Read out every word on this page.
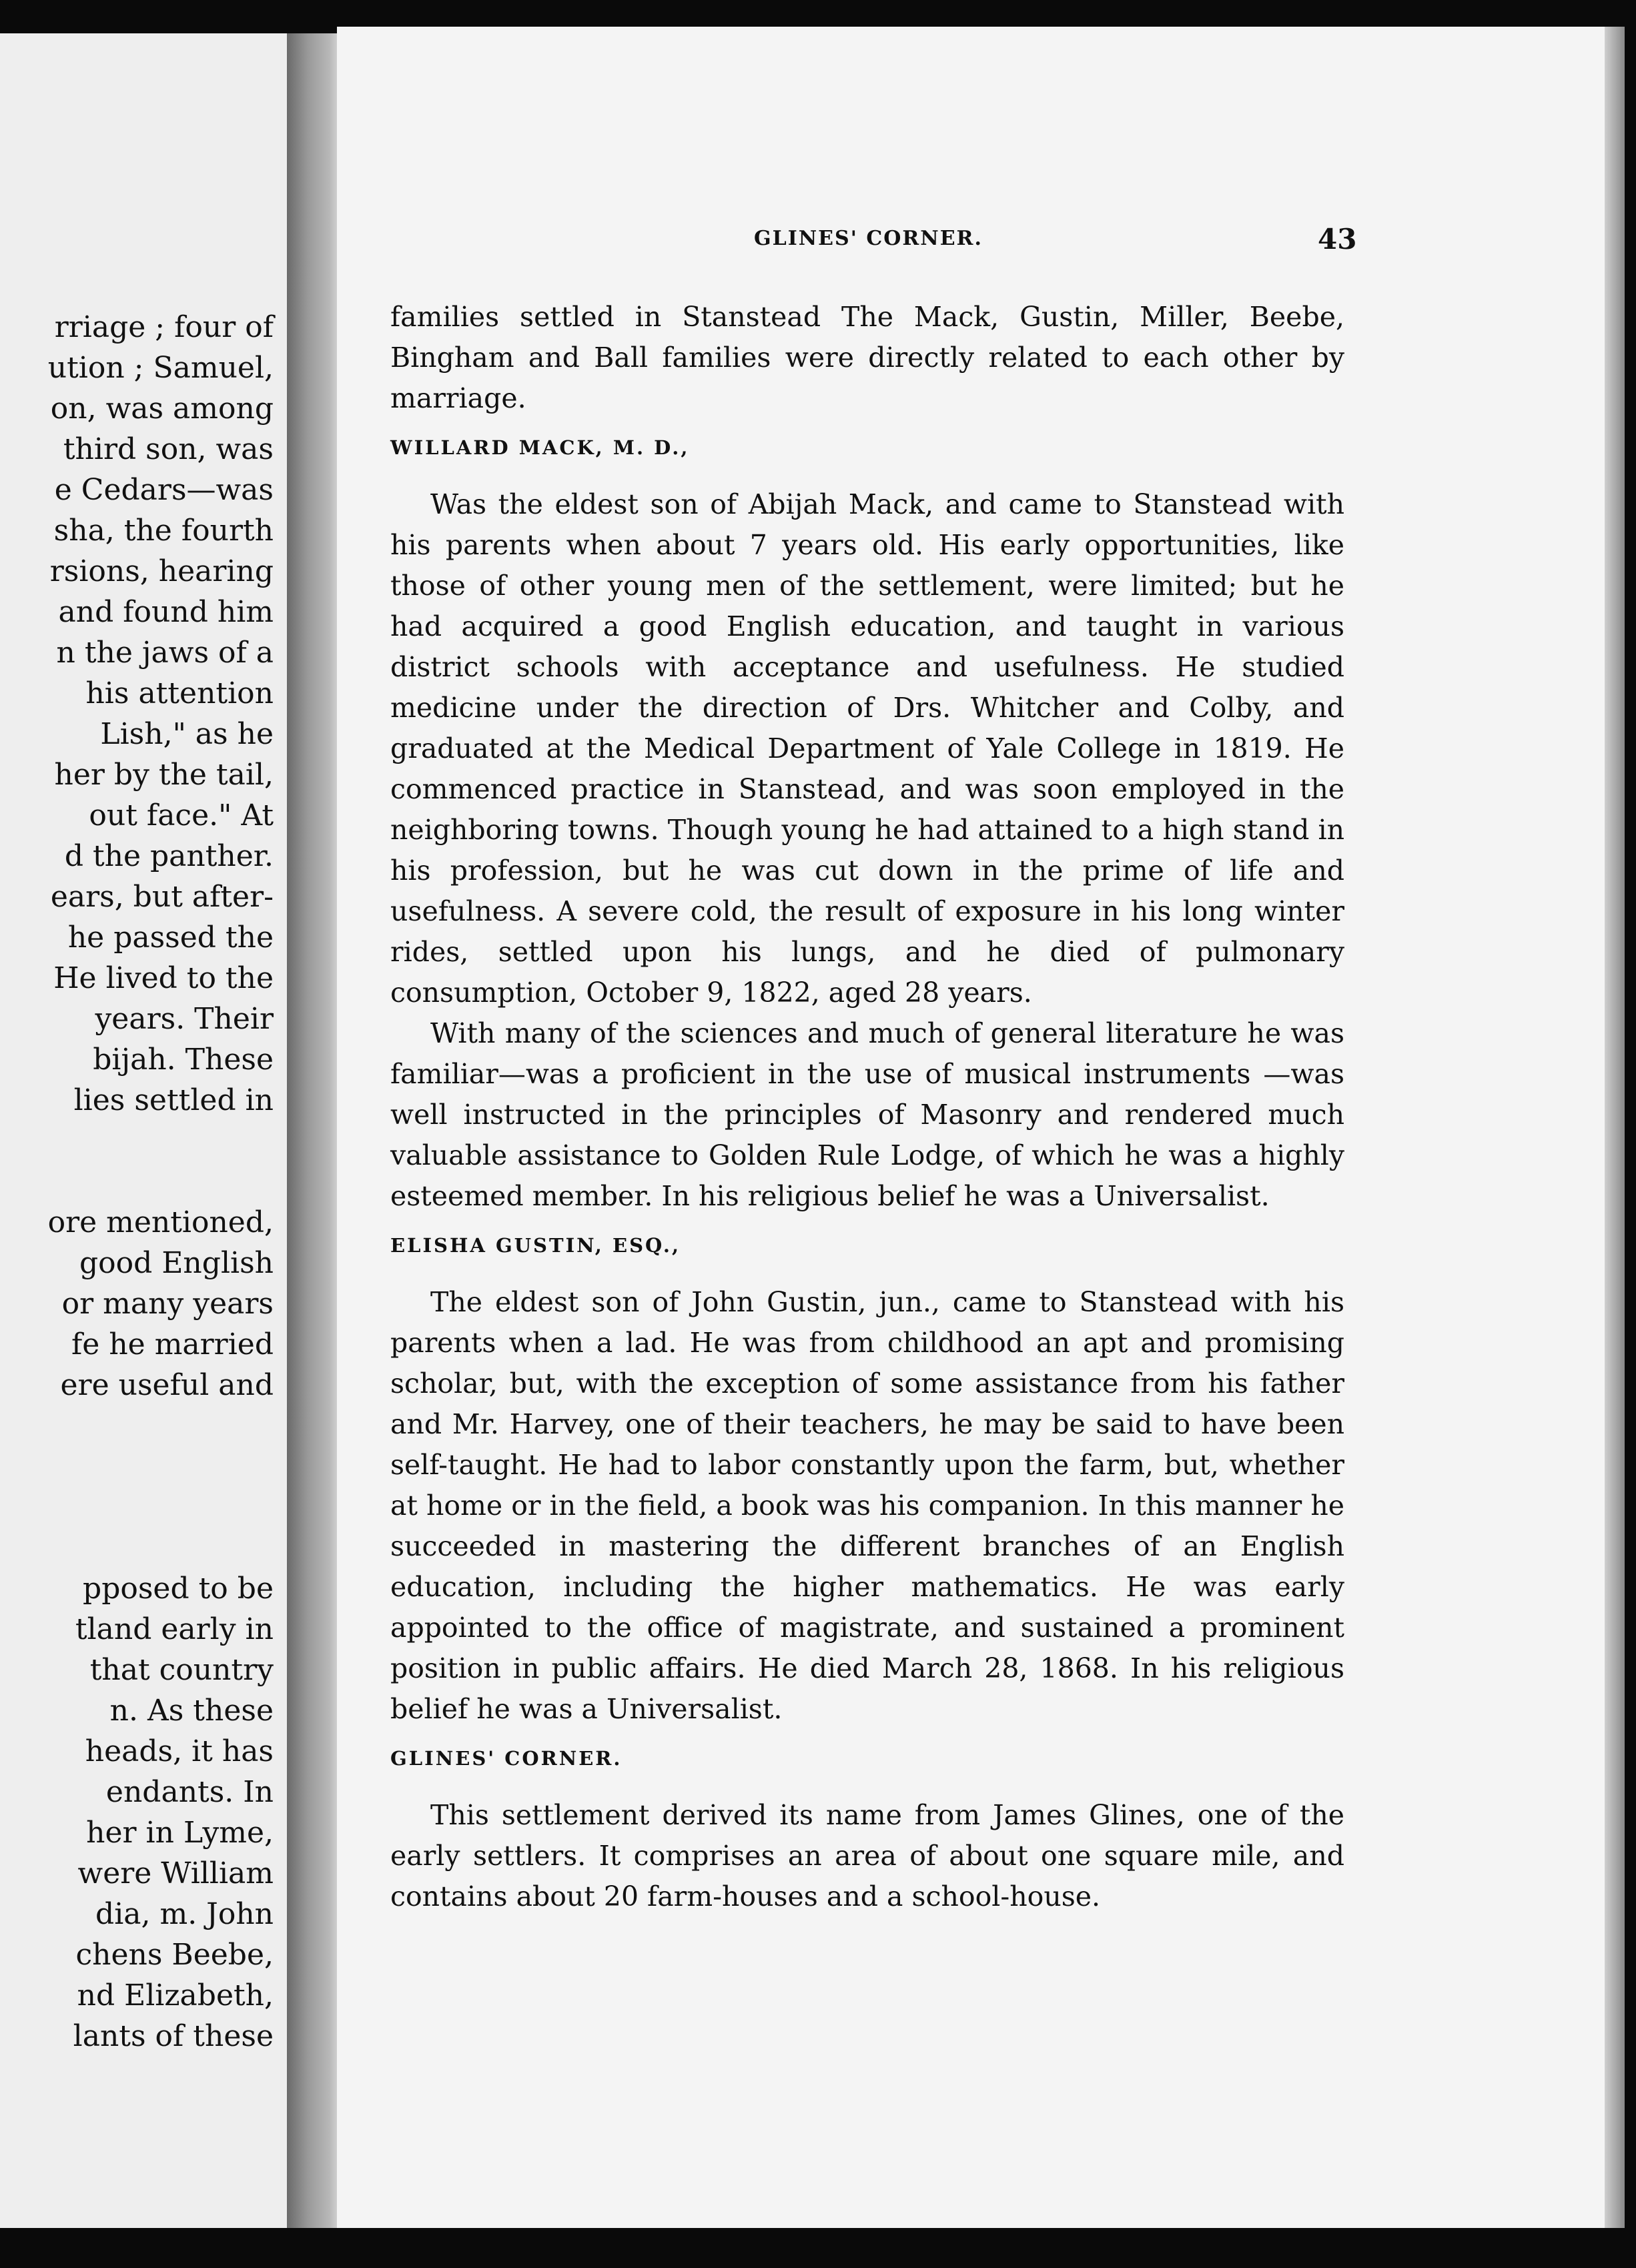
rriage ; four of
ution ; Samuel,
on, was among
third son, was
e Cedars—was
sha, the fourth
rsions, hearing
and found him
n the jaws of a
his attention
Lish," as he
her by the tail,
out face." At
d the panther.
ears, but after-
he passed the
He lived to the
years. Their
bijah. These
lies settled in
ore mentioned,
good English
or many years
fe he married
ere useful and
pposed to be
tland early in
that country
n. As these
heads, it has
endants. In
her in Lyme,
were William
dia, m. John
chens Beebe,
nd Elizabeth,
lants of these
GLINES' CORNER.	43

families settled in Stanstead The Mack, Gustin, Miller, Beebe, Bingham and Ball families were directly related to each other by marriage.

WILLARD MACK, M. D.,

Was the eldest son of Abijah Mack, and came to Stanstead with his parents when about 7 years old. His early opportunities, like those of other young men of the settlement, were limited; but he had acquired a good English education, and taught in various district schools with acceptance and usefulness. He studied medicine under the direction of Drs. Whitcher and Colby, and graduated at the Medical Department of Yale College in 1819. He commenced practice in Stanstead, and was soon employed in the neighboring towns. Though young he had attained to a high stand in his profession, but he was cut down in the prime of life and usefulness. A severe cold, the result of exposure in his long winter rides, settled upon his lungs, and he died of pulmonary consumption, October 9, 1822, aged 28 years.

With many of the sciences and much of general literature he was familiar—was a proficient in the use of musical instruments —was well instructed in the principles of Masonry and rendered much valuable assistance to Golden Rule Lodge, of which he was a highly esteemed member. In his religious belief he was a Universalist.

ELISHA GUSTIN, ESQ.,

The eldest son of John Gustin, jun., came to Stanstead with his parents when a lad. He was from childhood an apt and promising scholar, but, with the exception of some assistance from his father and Mr. Harvey, one of their teachers, he may be said to have been self-taught. He had to labor constantly upon the farm, but, whether at home or in the field, a book was his companion. In this manner he succeeded in mastering the different branches of an English education, including the higher mathematics. He was early appointed to the office of magistrate, and sustained a prominent position in public affairs. He died March 28, 1868. In his religious belief he was a Universalist.

GLINES' CORNER.

This settlement derived its name from James Glines, one of the early settlers. It comprises an area of about one square mile, and contains about 20 farm-houses and a school-house.
